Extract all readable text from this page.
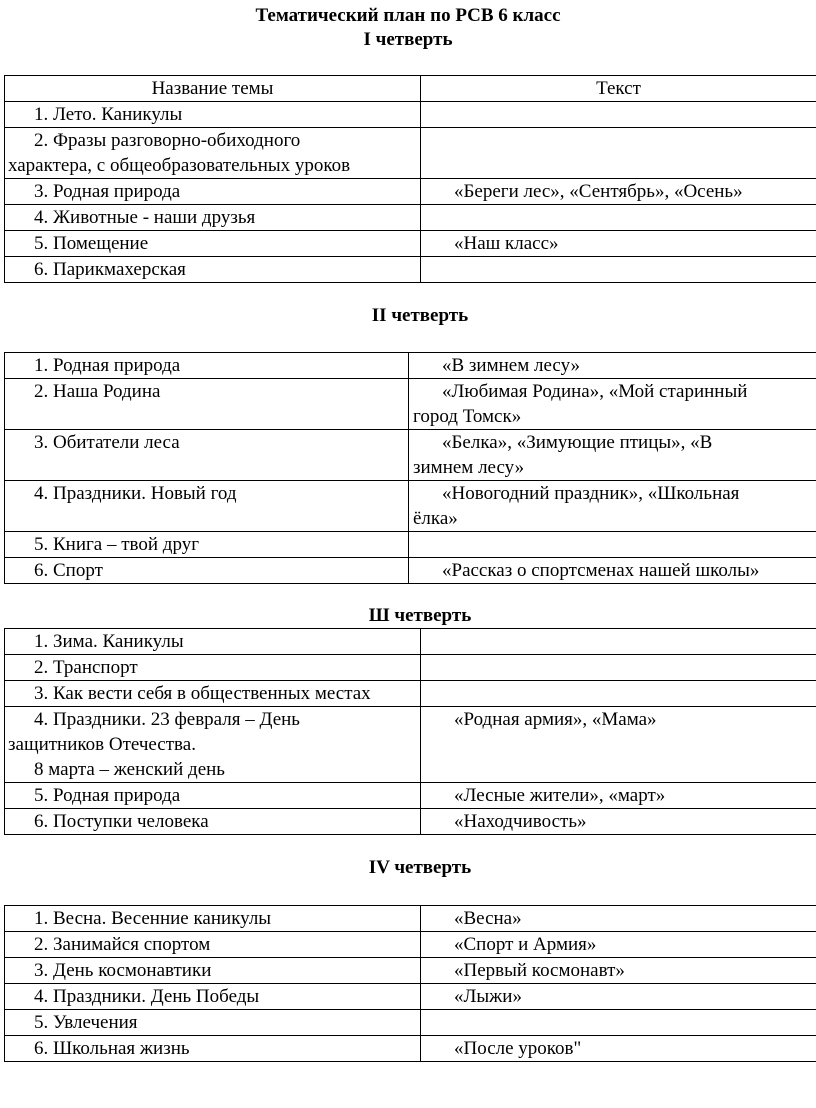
Тематический план по РСВ 6 класс
I четверть
Название темы	Текст
1. Лето. Каникулы	

2. Фразы разговорно-обиходного
характера, с общеобразовательных уроков	

3. Родная природа	«Береги лес», «Сентябрь», «Осень»
4. Животные - наши друзья	
5. Помещение	«Наш класс»
6. Парикмахерская	
II четверть
1. Родная природа	«В зимнем лесу»
2. Наша Родина	«Любимая Родина», «Мой старинный
город Томск»

3. Обитатели леса	«Белка», «Зимующие птицы», «В
зимнем лесу»

4. Праздники. Новый год	«Новогодний праздник», «Школьная
ёлка»

5. Книга – твой друг	
6. Спорт	«Рассказ о спортсменах нашей школы»
Ш четверть
1. Зима. Каникулы	
2. Транспорт	
3. Как вести себя в общественных местах	

4. Праздники. 23 февраля – День
защитников Отечества.
8 марта – женский день	«Родная армия», «Мама»
5. Родная природа	«Лесные жители», «март»
6. Поступки человека	«Находчивость»
IV четверть
1. Весна. Весенние каникулы	«Весна»
2. Занимайся спортом	«Спорт и Армия»
3. День космонавтики	«Первый космонавт»
4. Праздники. День Победы	«Лыжи»
5. Увлечения	
6. Школьная жизнь	«После уроков"
